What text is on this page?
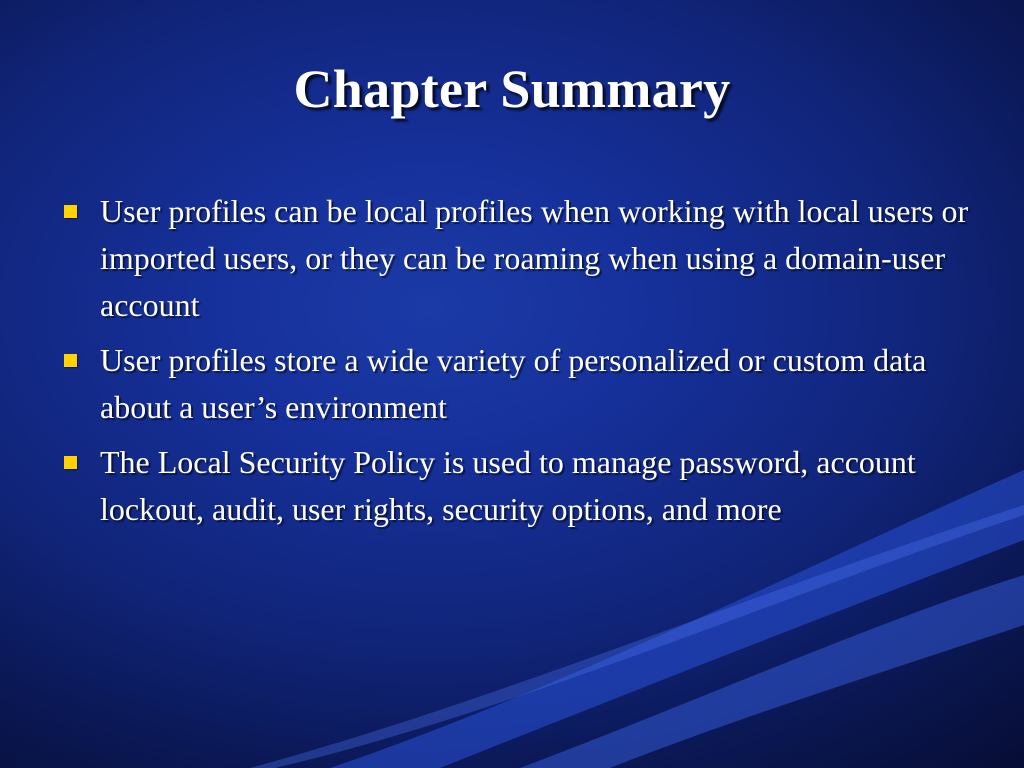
Chapter Summary
User profiles can be local profiles when working with local users or imported users, or they can be roaming when using a domain-user account
User profiles store a wide variety of personalized or custom data about a user’s environment
The Local Security Policy is used to manage password, account lockout, audit, user rights, security options, and more
